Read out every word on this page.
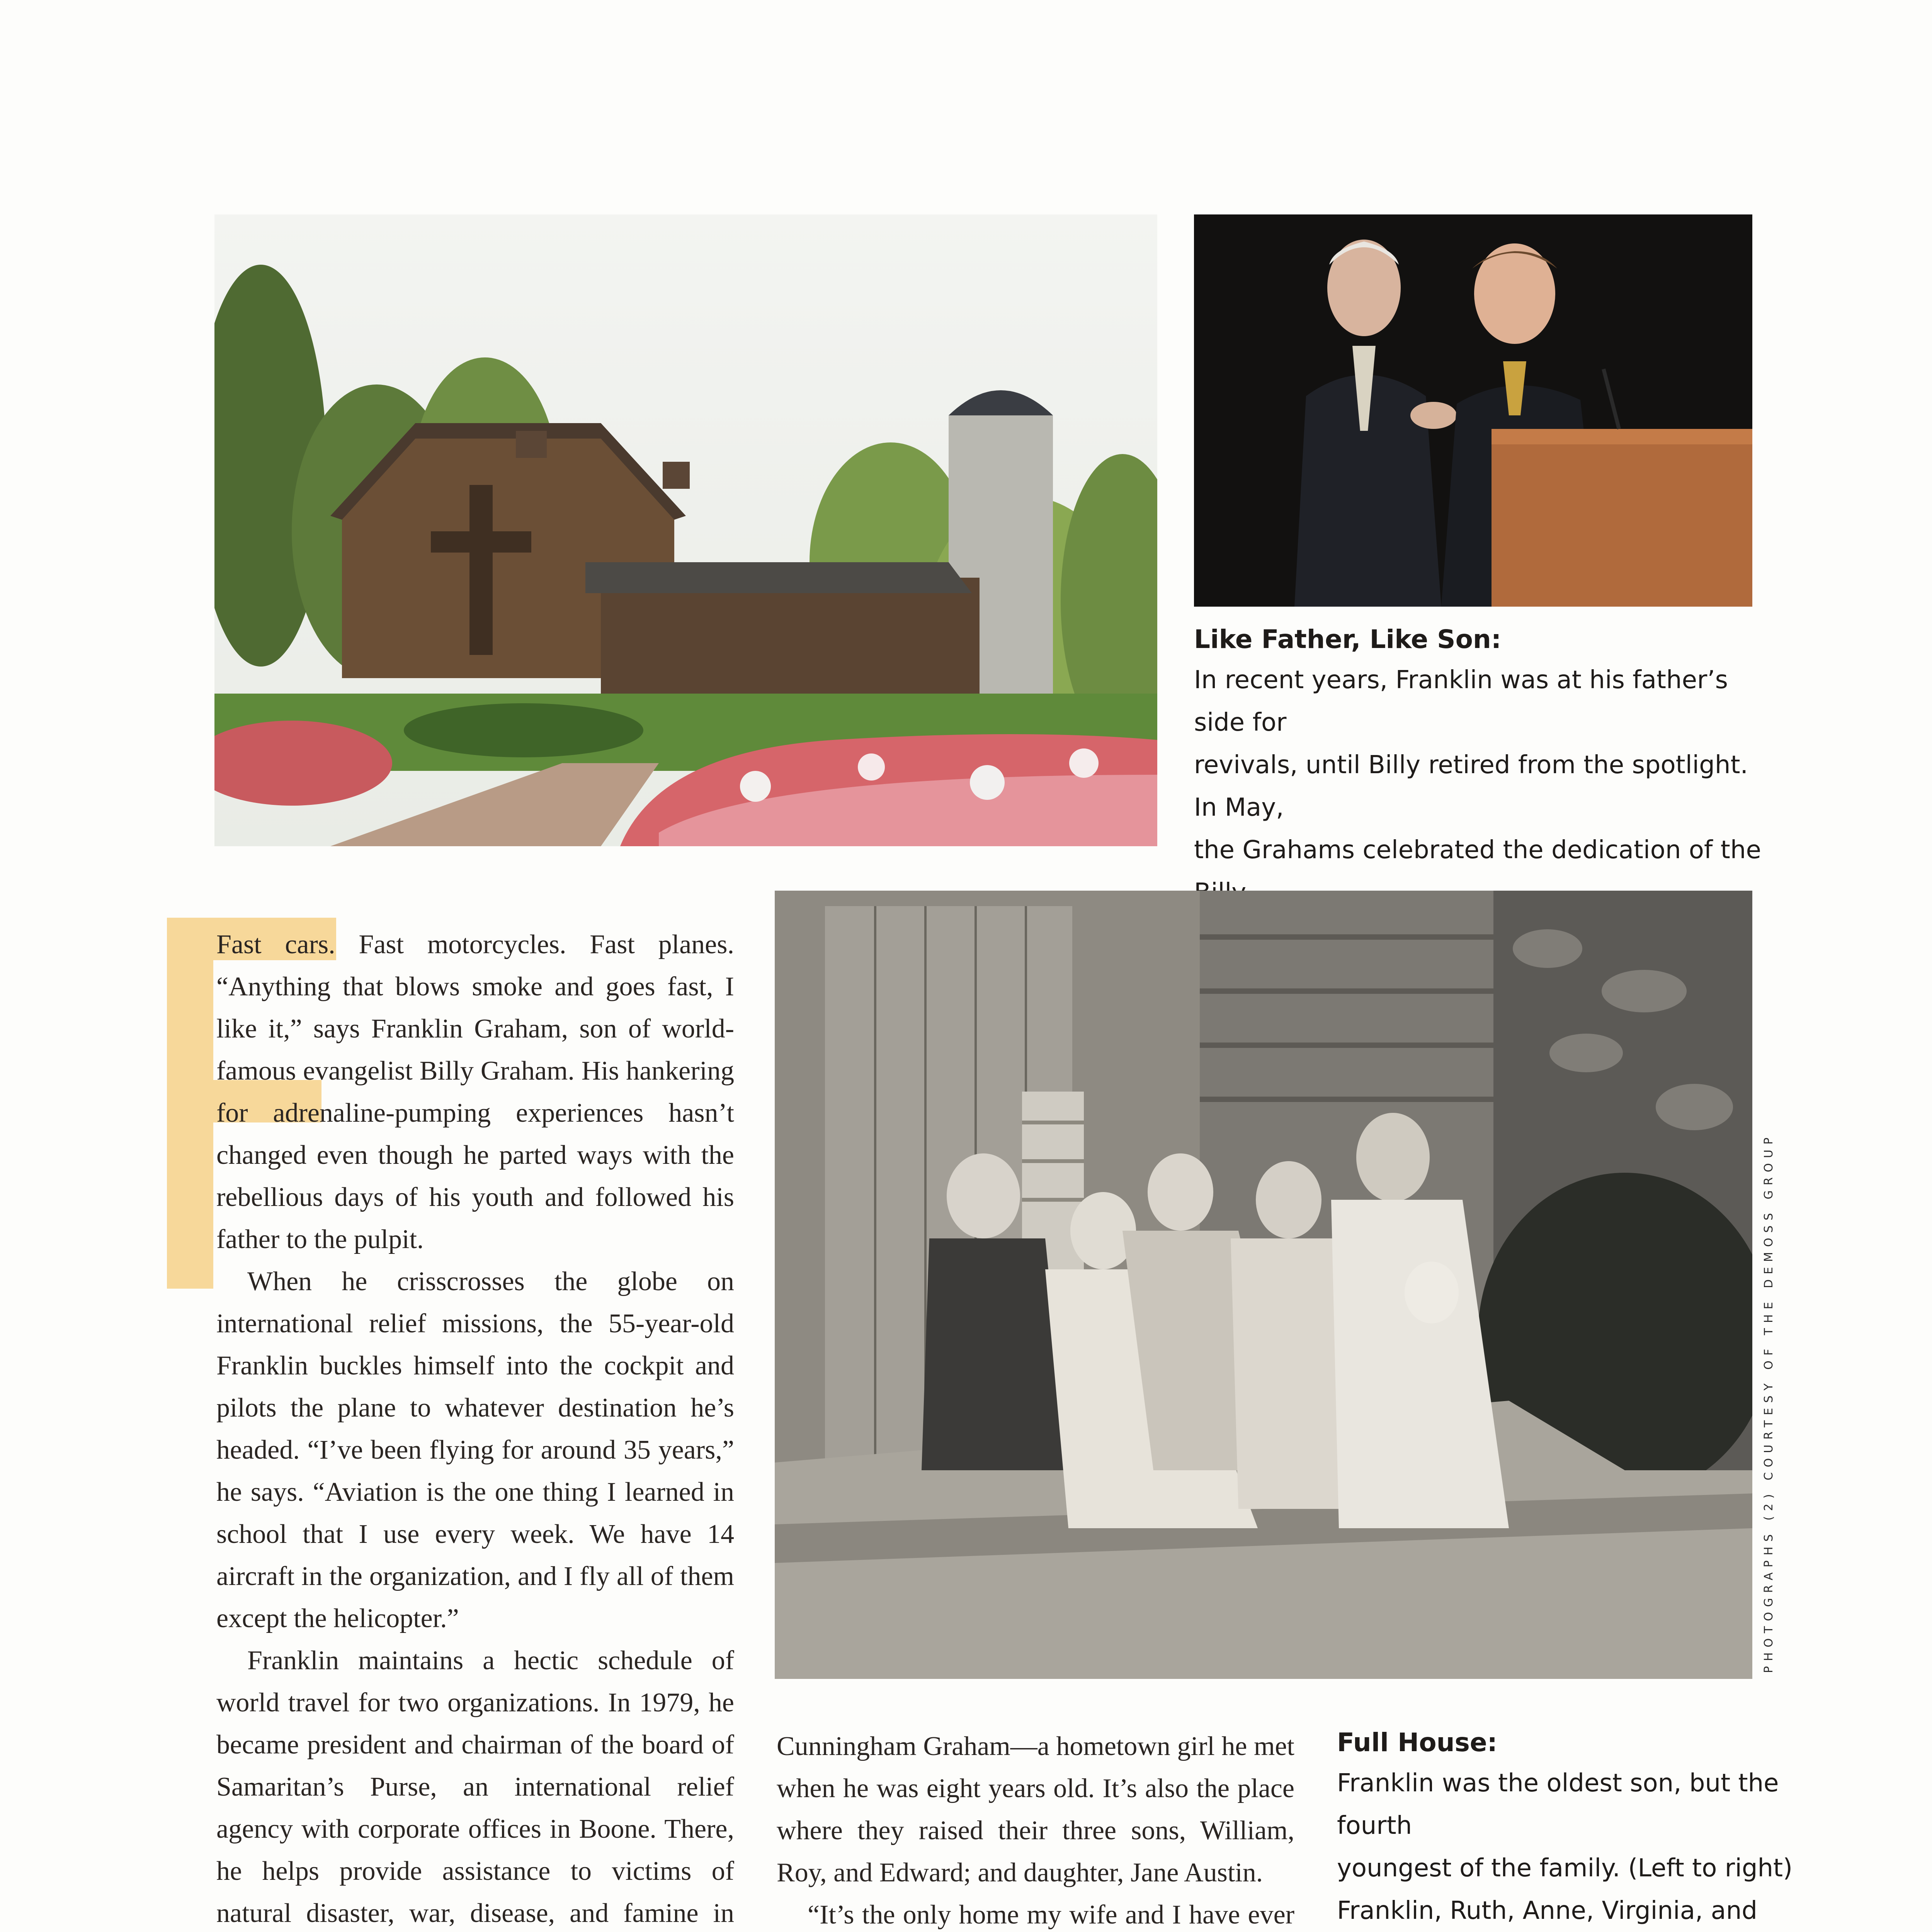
Like Father, Like Son:

In recent years, Franklin was at his father’s side for

revivals, until Billy retired from the spotlight. In May,

the Grahams celebrated the dedication of the

Fast cars. Fast motorcycles. Fast planes. “Anything that blows smoke and goes fast, I like it,” says Franklin Graham, son of world-famous evangelist Billy Graham. His hankering for adrenaline-pumping experiences hasn’t changed even though he parted ways with the rebellious days of his youth and followed his father to the pulpit.

When he crisscrosses the globe on international relief missions, the 55-year-old Franklin buckles himself into the cockpit and pilots the plane to whatever destination he’s headed. “I’ve been flying for around 35 years,” he says. “Aviation is the one thing I learned in school that I use every week. We have 14 aircraft in the organization, and I fly all of them except the helicopter.”

Franklin maintains a hectic schedule of world travel for two organizations. In 1979, he became president and chairman of the board of Samaritan’s Purse, an international relief agency with corporate offices in Boone. There, he helps provide assistance to victims of natural disaster, war, disease, and famine in

PHOTOGRAPHS (2) COURTESY OF THE DEMOSS GROUP

Cunningham Graham—a hometown girl he met when he was eight years old. It’s also the place where they raised their three sons, William, Roy, and Edward; and daughter, Jane Austin.

“It’s the only home my wife and I have ever

Full House:

Franklin was the oldest son, but the fourth

youngest of the family. (Left to right)

Franklin, Ruth, Anne, Virginia, and
